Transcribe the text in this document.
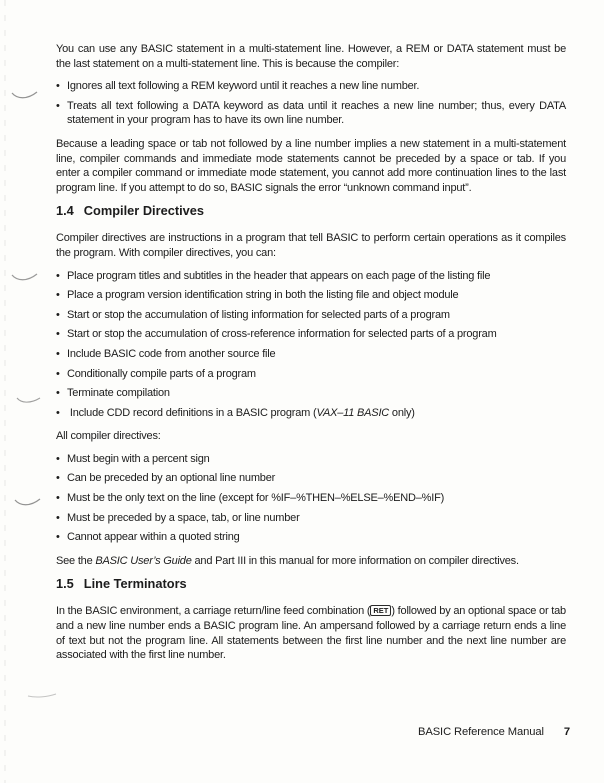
You can use any BASIC statement in a multi-statement line. However, a REM or DATA statement must be the last statement on a multi-statement line. This is because the compiler:

• Ignores all text following a REM keyword until it reaches a new line number.
• Treats all text following a DATA keyword as data until it reaches a new line number; thus, every DATA statement in your program has to have its own line number.

Because a leading space or tab not followed by a line number implies a new statement in a multi-statement line, compiler commands and immediate mode statements cannot be preceded by a space or tab. If you enter a compiler command or immediate mode statement, you cannot add more continuation lines to the last program line. If you attempt to do so, BASIC signals the error “unknown command input”.

1.4 Compiler Directives

Compiler directives are instructions in a program that tell BASIC to perform certain operations as it compiles the program. With compiler directives, you can:

• Place program titles and subtitles in the header that appears on each page of the listing file
• Place a program version identification string in both the listing file and object module
• Start or stop the accumulation of listing information for selected parts of a program
• Start or stop the accumulation of cross-reference information for selected parts of a program
• Include BASIC code from another source file
• Conditionally compile parts of a program
• Terminate compilation
• Include CDD record definitions in a BASIC program (VAX–11 BASIC only)

All compiler directives:

• Must begin with a percent sign
• Can be preceded by an optional line number
• Must be the only text on the line (except for %IF–%THEN–%ELSE–%END–%IF)
• Must be preceded by a space, tab, or line number
• Cannot appear within a quoted string

See the BASIC User’s Guide and Part III in this manual for more information on compiler directives.

1.5 Line Terminators

In the BASIC environment, a carriage return/line feed combination ( RET ) followed by an optional space or tab and a new line number ends a BASIC program line. An ampersand followed by a carriage return ends a line of text but not the program line. All statements between the first line number and the next line number are associated with the first line number.

BASIC Reference Manual 7
